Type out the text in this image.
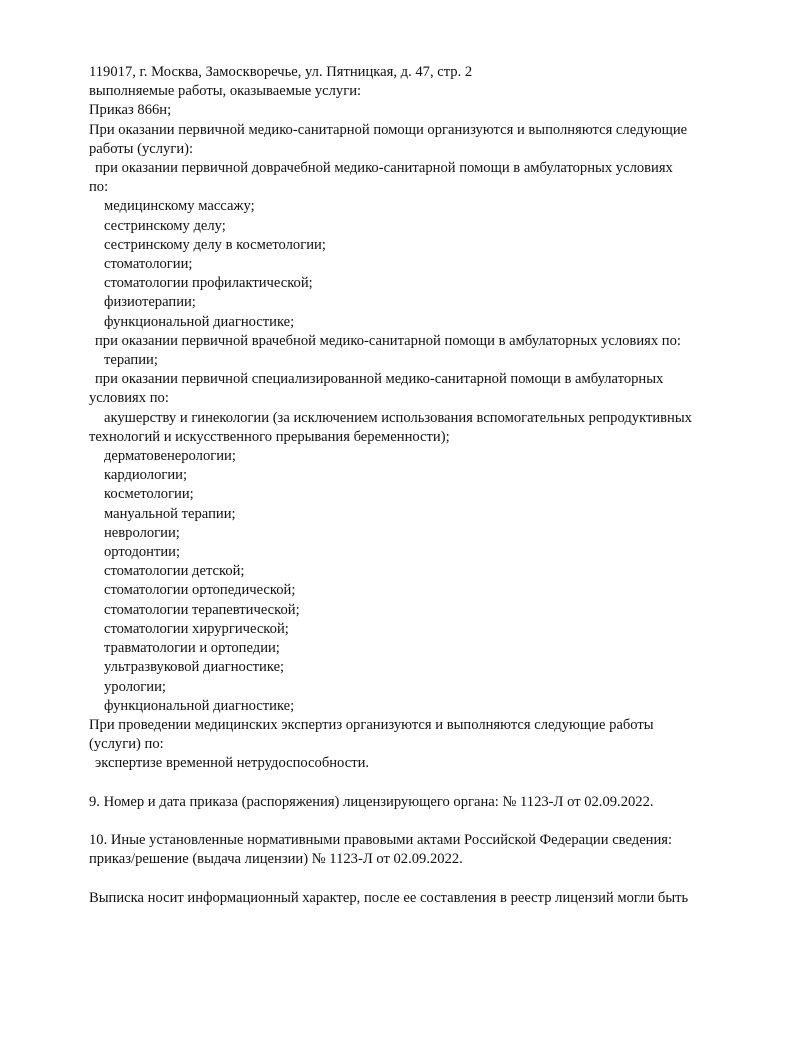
119017, г. Москва, Замоскворечье, ул. Пятницкая, д. 47, стр. 2
выполняемые работы, оказываемые услуги:
Приказ 866н;
При оказании первичной медико-санитарной помощи организуются и выполняются следующие
работы (услуги):
при оказании первичной доврачебной медико-санитарной помощи в амбулаторных условиях
по:
медицинскому массажу;
сестринскому делу;
сестринскому делу в косметологии;
стоматологии;
стоматологии профилактической;
физиотерапии;
функциональной диагностике;
при оказании первичной врачебной медико-санитарной помощи в амбулаторных условиях по:
терапии;
при оказании первичной специализированной медико-санитарной помощи в амбулаторных
условиях по:
акушерству и гинекологии (за исключением использования вспомогательных репродуктивных
технологий и искусственного прерывания беременности);
дерматовенерологии;
кардиологии;
косметологии;
мануальной терапии;
неврологии;
ортодонтии;
стоматологии детской;
стоматологии ортопедической;
стоматологии терапевтической;
стоматологии хирургической;
травматологии и ортопедии;
ультразвуковой диагностике;
урологии;
функциональной диагностике;
При проведении медицинских экспертиз организуются и выполняются следующие работы
(услуги) по:
экспертизе временной нетрудоспособности.
9. Номер и дата приказа (распоряжения) лицензирующего органа: № 1123-Л от 02.09.2022.
10. Иные установленные нормативными правовыми актами Российской Федерации сведения:
приказ/решение (выдача лицензии) № 1123-Л от 02.09.2022.
Выписка носит информационный характер, после ее составления в реестр лицензий могли быть
